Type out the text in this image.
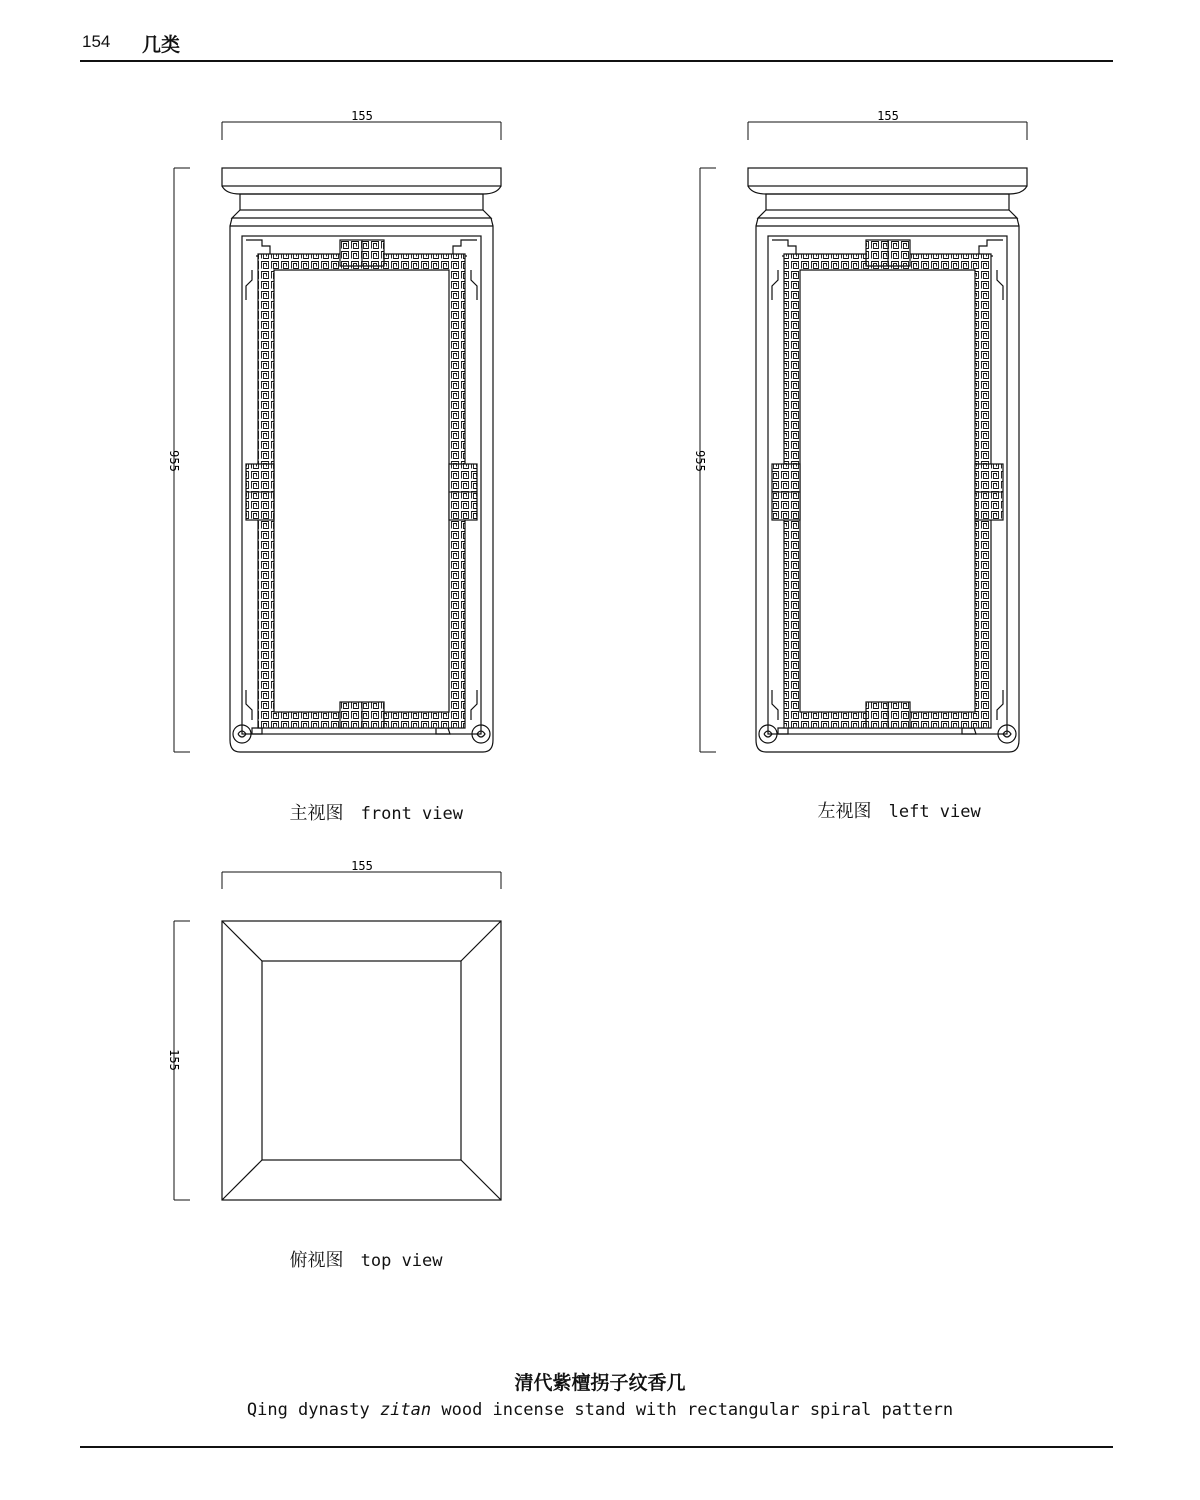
154 几类
155
955
155
955
155
155

主视图 front view	左视图 left view

俯视图 top view

清代紫檀拐子纹香几
Qing dynasty zitan wood incense stand with rectangular spiral pattern
